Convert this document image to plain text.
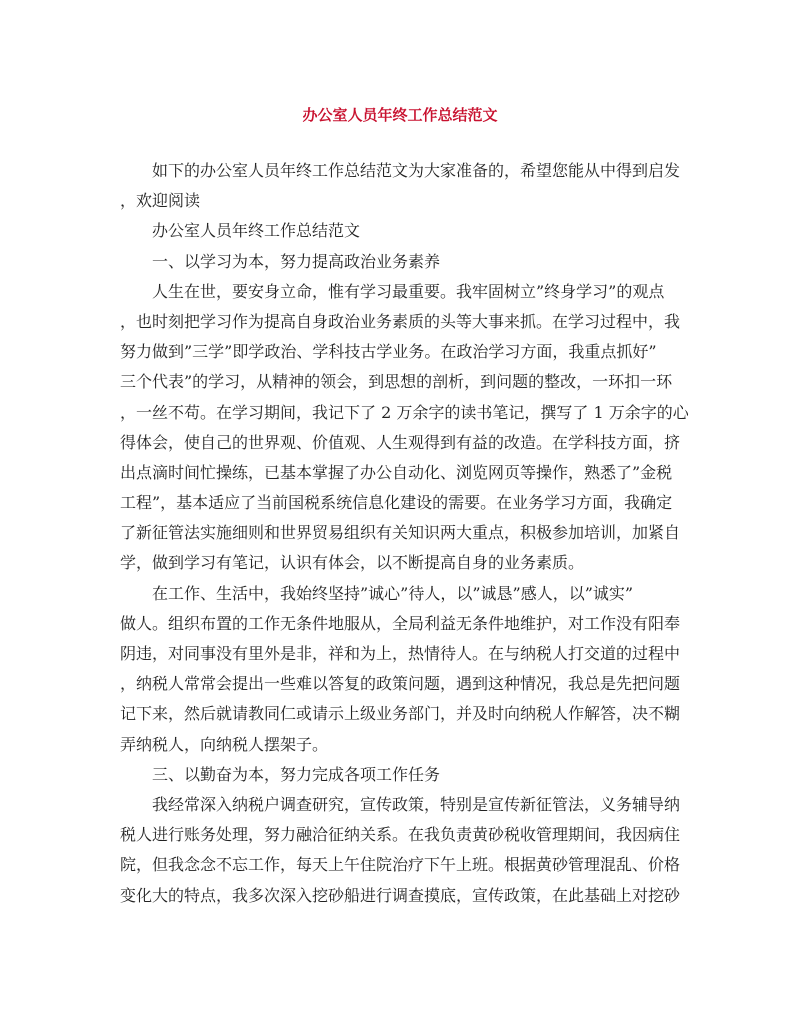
办公室人员年终工作总结范文
如下的办公室人员年终工作总结范文为大家准备的，希望您能从中得到启发
，欢迎阅读
办公室人员年终工作总结范文
一、以学习为本，努力提高政治业务素养
人生在世，要安身立命，惟有学习最重要。我牢固树立”终身学习”的观点
，也时刻把学习作为提高自身政治业务素质的头等大事来抓。在学习过程中，我
努力做到”三学”即学政治、学科技古学业务。在政治学习方面，我重点抓好”
三个代表”的学习，从精神的领会，到思想的剖析，到问题的整改，一环扣一环
，一丝不苟。在学习期间，我记下了 2 万余字的读书笔记，撰写了 1 万余字的心
得体会，使自己的世界观、价值观、人生观得到有益的改造。在学科技方面，挤
出点滴时间忙操练，已基本掌握了办公自动化、浏览网页等操作，熟悉了”金税
工程”，基本适应了当前国税系统信息化建设的需要。在业务学习方面，我确定
了新征管法实施细则和世界贸易组织有关知识两大重点，积极参加培训，加紧自
学，做到学习有笔记，认识有体会，以不断提高自身的业务素质。
在工作、生活中，我始终坚持”诚心”待人，以”诚恳”感人，以”诚实”
做人。组织布置的工作无条件地服从，全局利益无条件地维护，对工作没有阳奉
阴违，对同事没有里外是非，祥和为上，热情待人。在与纳税人打交道的过程中
，纳税人常常会提出一些难以答复的政策问题，遇到这种情况，我总是先把问题
记下来，然后就请教同仁或请示上级业务部门，并及时向纳税人作解答，决不糊
弄纳税人，向纳税人摆架子。
三、以勤奋为本，努力完成各项工作任务
我经常深入纳税户调查研究，宣传政策，特别是宣传新征管法，义务辅导纳
税人进行账务处理，努力融洽征纳关系。在我负责黄砂税收管理期间，我因病住
院，但我念念不忘工作，每天上午住院治疗下午上班。根据黄砂管理混乱、价格
变化大的特点，我多次深入挖砂船进行调查摸底，宣传政策，在此基础上对挖砂
